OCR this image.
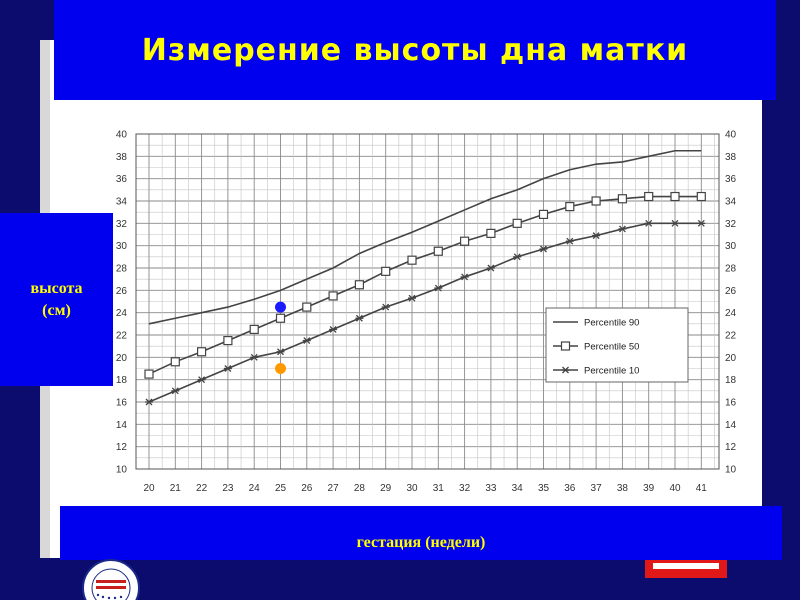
10	10
12	12
14	14
16	16
18	18
20	20
22	22
24	24
26	26
28	28
30	30
32	32
34	34
36	36
38	38
40	40
20 21 22 23 24 25 26 27 28 29 30 31 32 33 34 35 36 37 38 39 40 41
Percentile 90
Percentile 50
Percentile 10
Измерение высоты дна матки
высота
(см)
гестация (недели)
